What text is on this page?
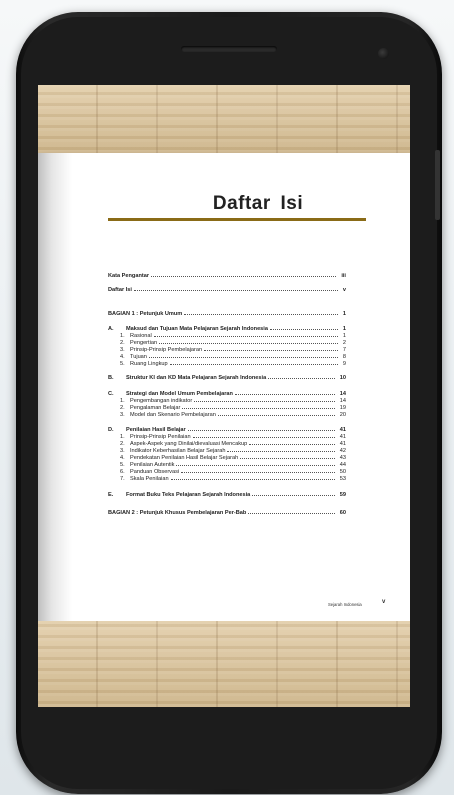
Daftar Isi
Kata Pengantar	iii
Daftar Isi	v
BAGIAN 1 : Petunjuk Umum	1
A. Maksud dan Tujuan Mata Pelajaran Sejarah Indonesia	1
1. Rasional	1
2. Pengertian	2
3. Prinsip-Prinsip Pembelajaran	7
4. Tujuan	8
5. Ruang Lingkup	9
B. Struktur KI dan KD Mata Pelajaran Sejarah Indonesia	10
C. Strategi dan Model Umum Pembelajaran	14
1. Pengembangan indikator	14
2. Pengalaman Belajar	19
3. Model dan Skenario Pembelajaran	20
D. Penilaian Hasil Belajar	41
1. Prinsip-Prinsip Penilaian	41
2. Aspek-Aspek yang Dinilai/dievaluasi Mencakup	41
3. Indikator Keberhasilan Belajar Sejarah	42
4. Pendekatan Penilaian Hasil Belajar Sejarah	43
5. Penilaian Autentik	44
6. Panduan Observasi	50
7. Skala Penilaian	53
E. Format Buku Teks Pelajaran Sejarah Indonesia	59
BAGIAN 2 : Petunjuk Khusus Pembelajaran Per-Bab	60
Sejarah Indonesia	v
